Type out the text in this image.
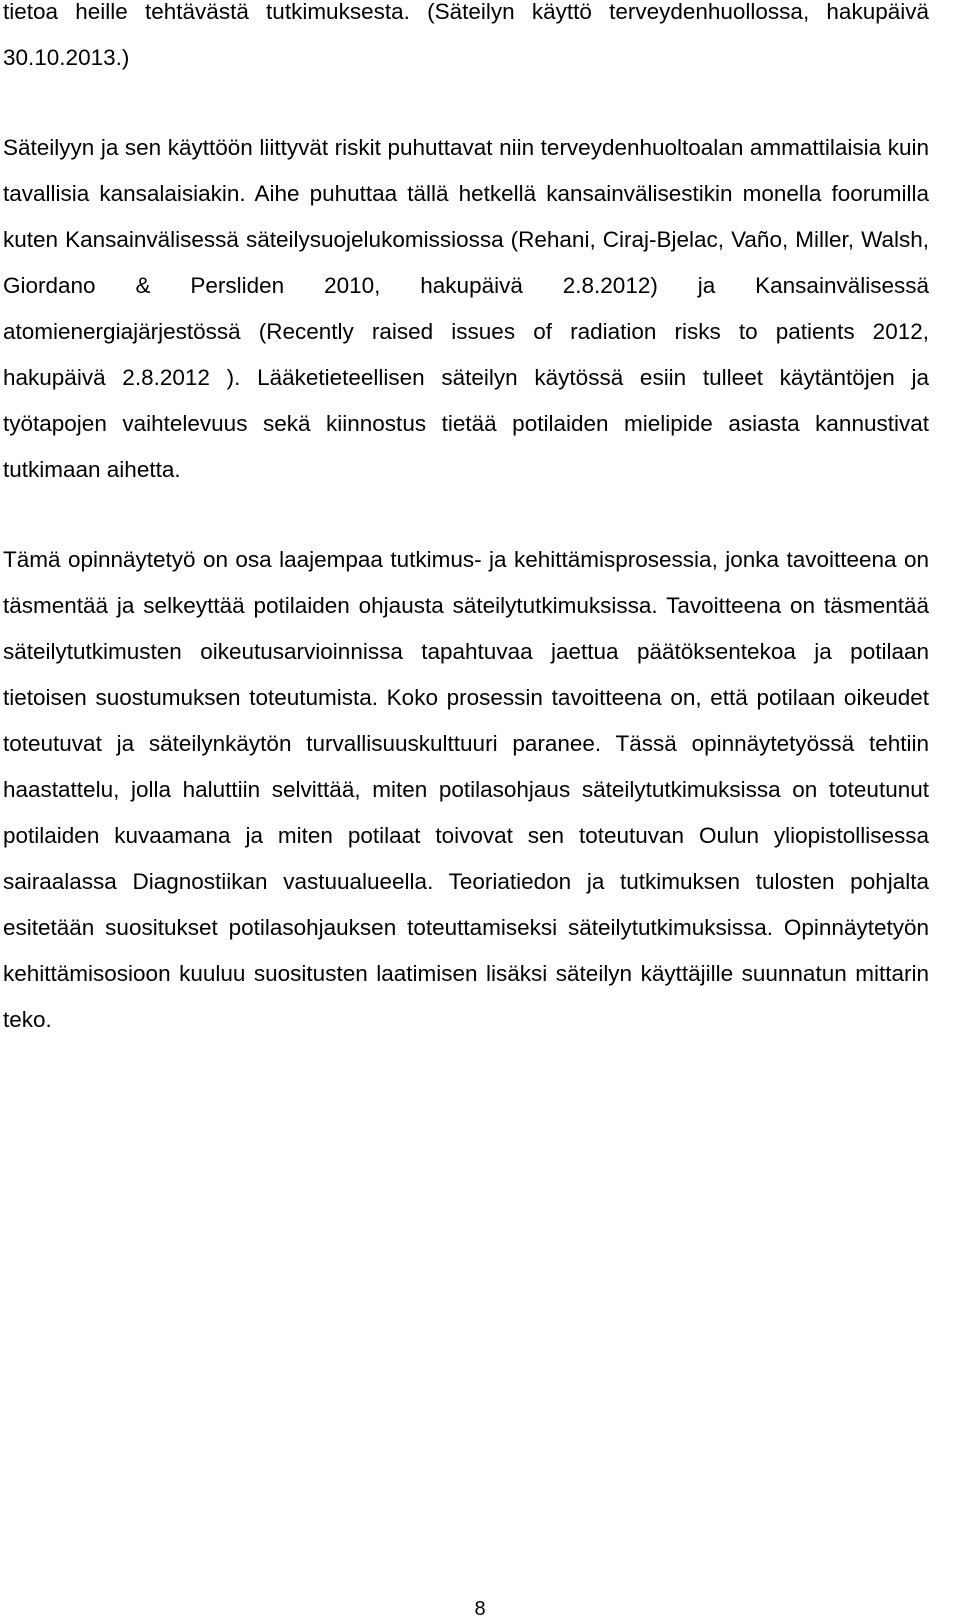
tietoa heille tehtävästä tutkimuksesta. (Säteilyn käyttö terveydenhuollossa, hakupäivä 30.10.2013.)

Säteilyyn ja sen käyttöön liittyvät riskit puhuttavat niin terveydenhuoltoalan ammattilaisia kuin tavallisia kansalaisiakin. Aihe puhuttaa tällä hetkellä kansainvälisestikin monella foorumilla kuten Kansainvälisessä säteilysuojelukomissiossa (Rehani, Ciraj-Bjelac, Vaño, Miller, Walsh, Giordano & Persliden 2010, hakupäivä 2.8.2012) ja Kansainvälisessä atomienergiajärjestössä (Recently raised issues of radiation risks to patients 2012, hakupäivä 2.8.2012 ). Lääketieteellisen säteilyn käytössä esiin tulleet käytäntöjen ja työtapojen vaihtelevuus sekä kiinnostus tietää potilaiden mielipide asiasta kannustivat tutkimaan aihetta.

Tämä opinnäytetyö on osa laajempaa tutkimus- ja kehittämisprosessia, jonka tavoitteena on täsmentää ja selkeyttää potilaiden ohjausta säteilytutkimuksissa. Tavoitteena on täsmentää säteilytutkimusten oikeutusarvioinnissa tapahtuvaa jaettua päätöksentekoa ja potilaan tietoisen suostumuksen toteutumista. Koko prosessin tavoitteena on, että potilaan oikeudet toteutuvat ja säteilynkäytön turvallisuuskulttuuri paranee. Tässä opinnäytetyössä tehtiin haastattelu, jolla haluttiin selvittää, miten potilasohjaus säteilytutkimuksissa on toteutunut potilaiden kuvaamana ja miten potilaat toivovat sen toteutuvan Oulun yliopistollisessa sairaalassa Diagnostiikan vastuualueella. Teoriatiedon ja tutkimuksen tulosten pohjalta esitetään suositukset potilasohjauksen toteuttamiseksi säteilytutkimuksissa. Opinnäytetyön kehittämisosioon kuuluu suositusten laatimisen lisäksi säteilyn käyttäjille suunnatun mittarin teko.

8
